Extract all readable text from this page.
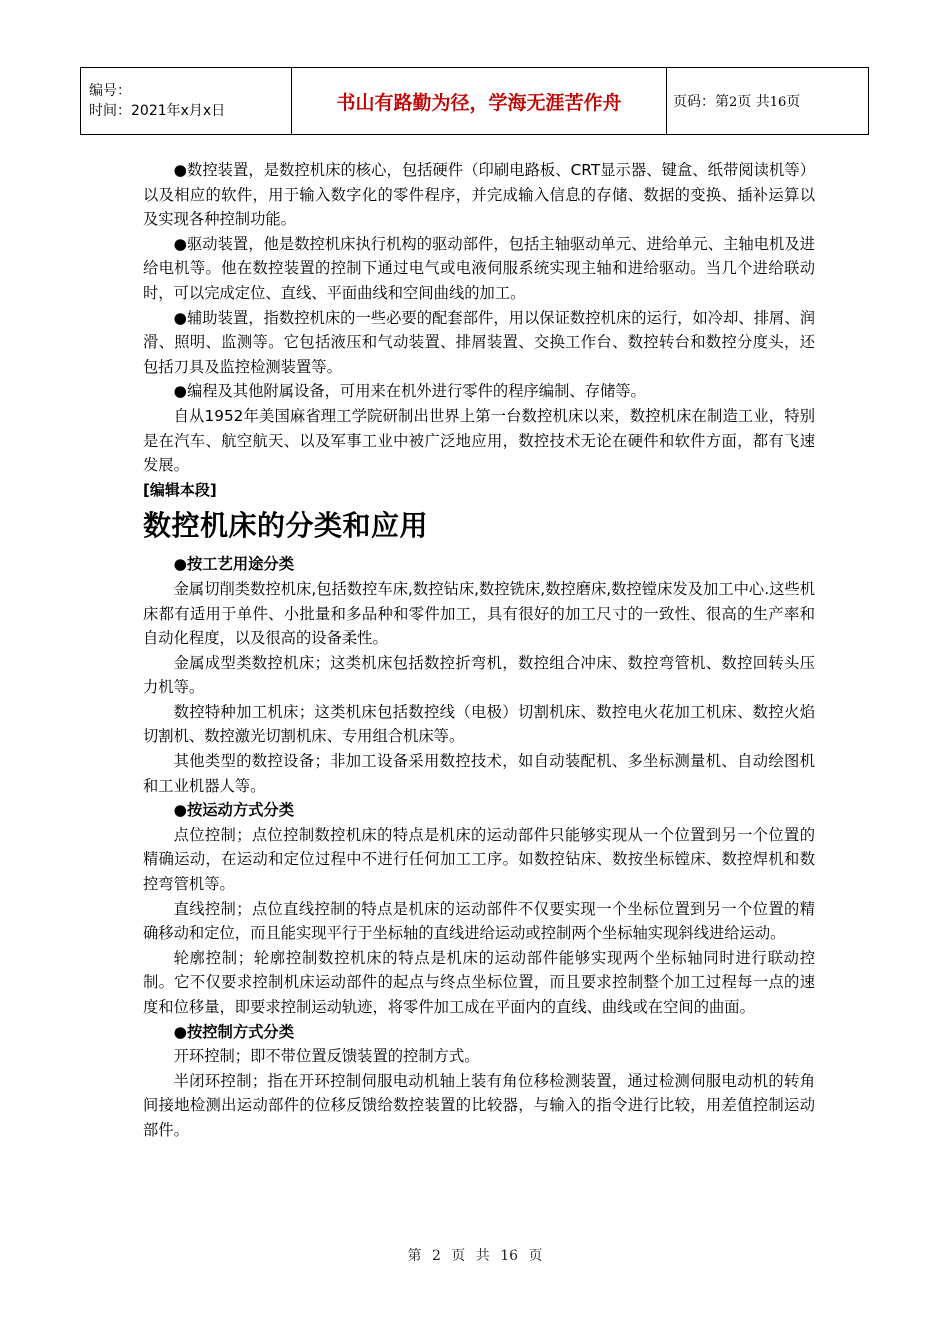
编号：
时间：2021年x月x日	书山有路勤为径，学海无涯苦作舟	页码：第2页 共16页

●数控装置，是数控机床的核心，包括硬件（印刷电路板、CRT显示器、键盒、纸带阅读机等）以及相应的软件，用于输入数字化的零件程序，并完成输入信息的存储、数据的变换、插补运算以及实现各种控制功能。

●驱动装置，他是数控机床执行机构的驱动部件，包括主轴驱动单元、进给单元、主轴电机及进给电机等。他在数控装置的控制下通过电气或电液伺服系统实现主轴和进给驱动。当几个进给联动时，可以完成定位、直线、平面曲线和空间曲线的加工。

●辅助装置，指数控机床的一些必要的配套部件，用以保证数控机床的运行，如冷却、排屑、润滑、照明、监测等。它包括液压和气动装置、排屑装置、交换工作台、数控转台和数控分度头，还包括刀具及监控检测装置等。

●编程及其他附属设备，可用来在机外进行零件的程序编制、存储等。

自从1952年美国麻省理工学院研制出世界上第一台数控机床以来，数控机床在制造工业，特别是在汽车、航空航天、以及军事工业中被广泛地应用，数控技术无论在硬件和软件方面，都有飞速发展。

[编辑本段]

数控机床的分类和应用

●按工艺用途分类

金属切削类数控机床,包括数控车床,数控钻床,数控铣床,数控磨床,数控镗床发及加工中心.这些机床都有适用于单件、小批量和多品种和零件加工，具有很好的加工尺寸的一致性、很高的生产率和自动化程度，以及很高的设备柔性。

金属成型类数控机床；这类机床包括数控折弯机，数控组合冲床、数控弯管机、数控回转头压力机等。

数控特种加工机床；这类机床包括数控线（电极）切割机床、数控电火花加工机床、数控火焰切割机、数控激光切割机床、专用组合机床等。

其他类型的数控设备；非加工设备采用数控技术，如自动装配机、多坐标测量机、自动绘图机和工业机器人等。

●按运动方式分类

点位控制；点位控制数控机床的特点是机床的运动部件只能够实现从一个位置到另一个位置的精确运动，在运动和定位过程中不进行任何加工工序。如数控钻床、数按坐标镗床、数控焊机和数控弯管机等。

直线控制；点位直线控制的特点是机床的运动部件不仅要实现一个坐标位置到另一个位置的精确移动和定位，而且能实现平行于坐标轴的直线进给运动或控制两个坐标轴实现斜线进给运动。

轮廓控制；轮廓控制数控机床的特点是机床的运动部件能够实现两个坐标轴同时进行联动控制。它不仅要求控制机床运动部件的起点与终点坐标位置，而且要求控制整个加工过程每一点的速度和位移量，即要求控制运动轨迹，将零件加工成在平面内的直线、曲线或在空间的曲面。

●按控制方式分类

开环控制；即不带位置反馈装置的控制方式。

半闭环控制；指在开环控制伺服电动机轴上装有角位移检测装置，通过检测伺服电动机的转角间接地检测出运动部件的位移反馈给数控装置的比较器，与输入的指令进行比较，用差值控制运动部件。

第 2 页 共 16 页
